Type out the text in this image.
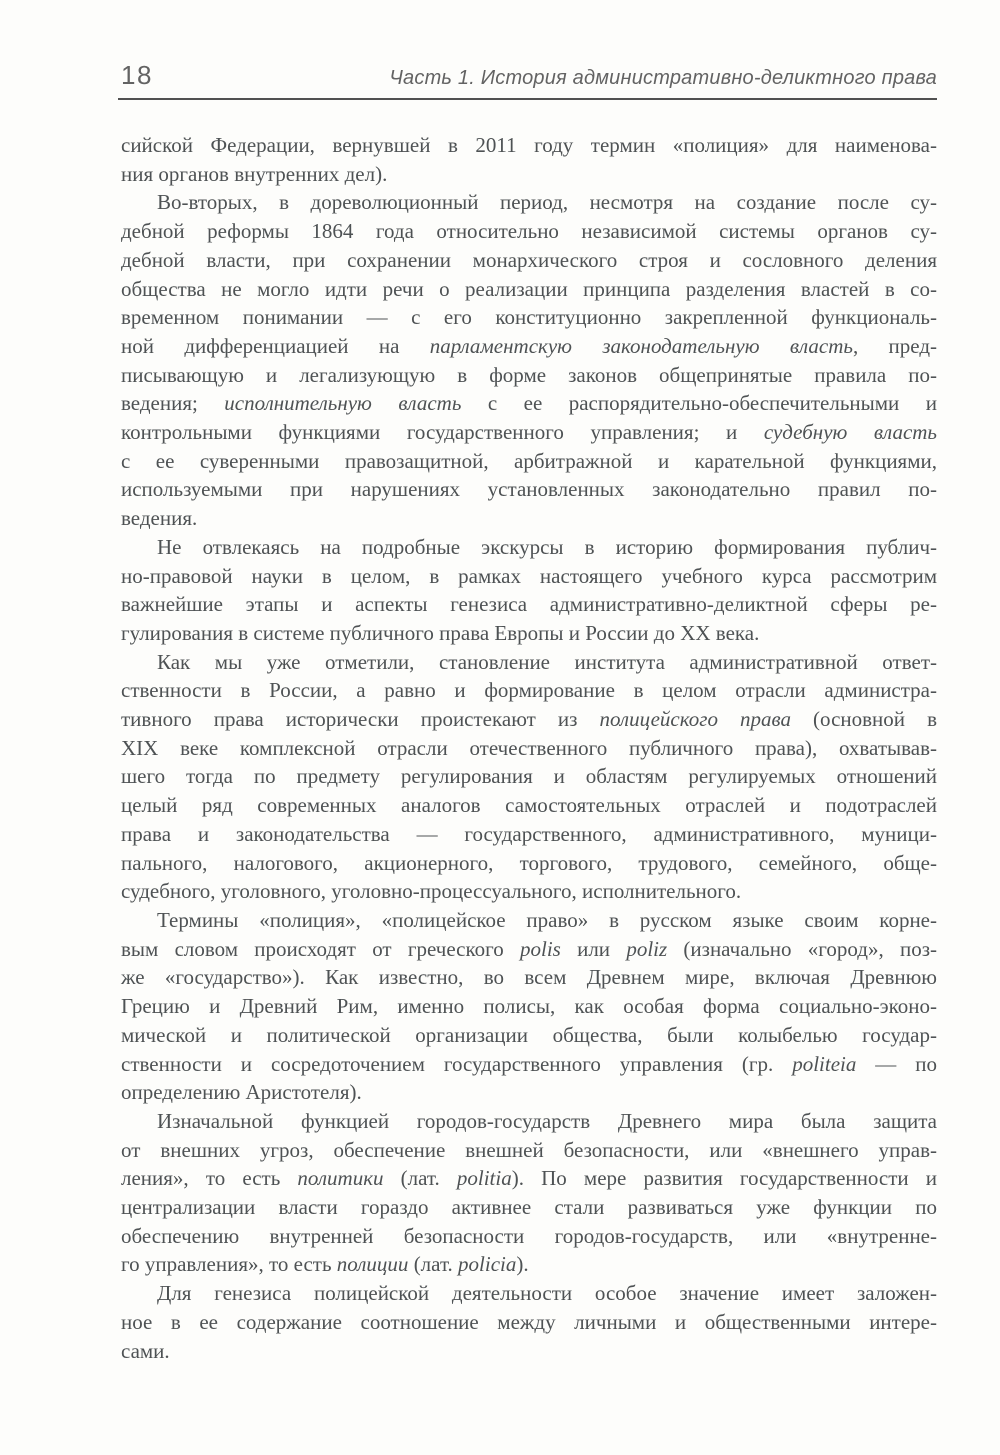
18	Часть 1. История административно-деликтного права
сийской Федерации, вернувшей в 2011 году термин «полиция» для наименова-
ния органов внутренних дел).
Во-вторых, в дореволюционный период, несмотря на создание после су-
дебной реформы 1864 года относительно независимой системы органов су-
дебной власти, при сохранении монархического строя и сословного деления
общества не могло идти речи о реализации принципа разделения властей в со-
временном понимании — с его конституционно закрепленной функциональ-
ной дифференциацией на парламентскую законодательную власть, пред-
писывающую и легализующую в форме законов общепринятые правила по-
ведения; исполнительную власть с ее распорядительно-обеспечительными и
контрольными функциями государственного управления; и судебную власть
с ее суверенными правозащитной, арбитражной и карательной функциями,
используемыми при нарушениях установленных законодательно правил по-
ведения.
Не отвлекаясь на подробные экскурсы в историю формирования публич-
но-правовой науки в целом, в рамках настоящего учебного курса рассмотрим
важнейшие этапы и аспекты генезиса административно-деликтной сферы ре-
гулирования в системе публичного права Европы и России до XX века.
Как мы уже отметили, становление института административной ответ-
ственности в России, а равно и формирование в целом отрасли администра-
тивного права исторически проистекают из полицейского права (основной в
XIX веке комплексной отрасли отечественного публичного права), охватывав-
шего тогда по предмету регулирования и областям регулируемых отношений
целый ряд современных аналогов самостоятельных отраслей и подотраслей
права и законодательства — государственного, административного, муници-
пального, налогового, акционерного, торгового, трудового, семейного, обще-
судебного, уголовного, уголовно-процессуального, исполнительного.
Термины «полиция», «полицейское право» в русском языке своим корне-
вым словом происходят от греческого polis или poliz (изначально «город», поз-
же «государство»). Как известно, во всем Древнем мире, включая Древнюю
Грецию и Древний Рим, именно полисы, как особая форма социально-эконо-
мической и политической организации общества, были колыбелью государ-
ственности и сосредоточением государственного управления (гр. politeia — по
определению Аристотеля).
Изначальной функцией городов-государств Древнего мира была защита
от внешних угроз, обеспечение внешней безопасности, или «внешнего управ-
ления», то есть политики (лат. politia). По мере развития государственности и
централизации власти гораздо активнее стали развиваться уже функции по
обеспечению внутренней безопасности городов-государств, или «внутренне-
го управления», то есть полиции (лат. policia).
Для генезиса полицейской деятельности особое значение имеет заложен-
ное в ее содержание соотношение между личными и общественными интере-
сами.
